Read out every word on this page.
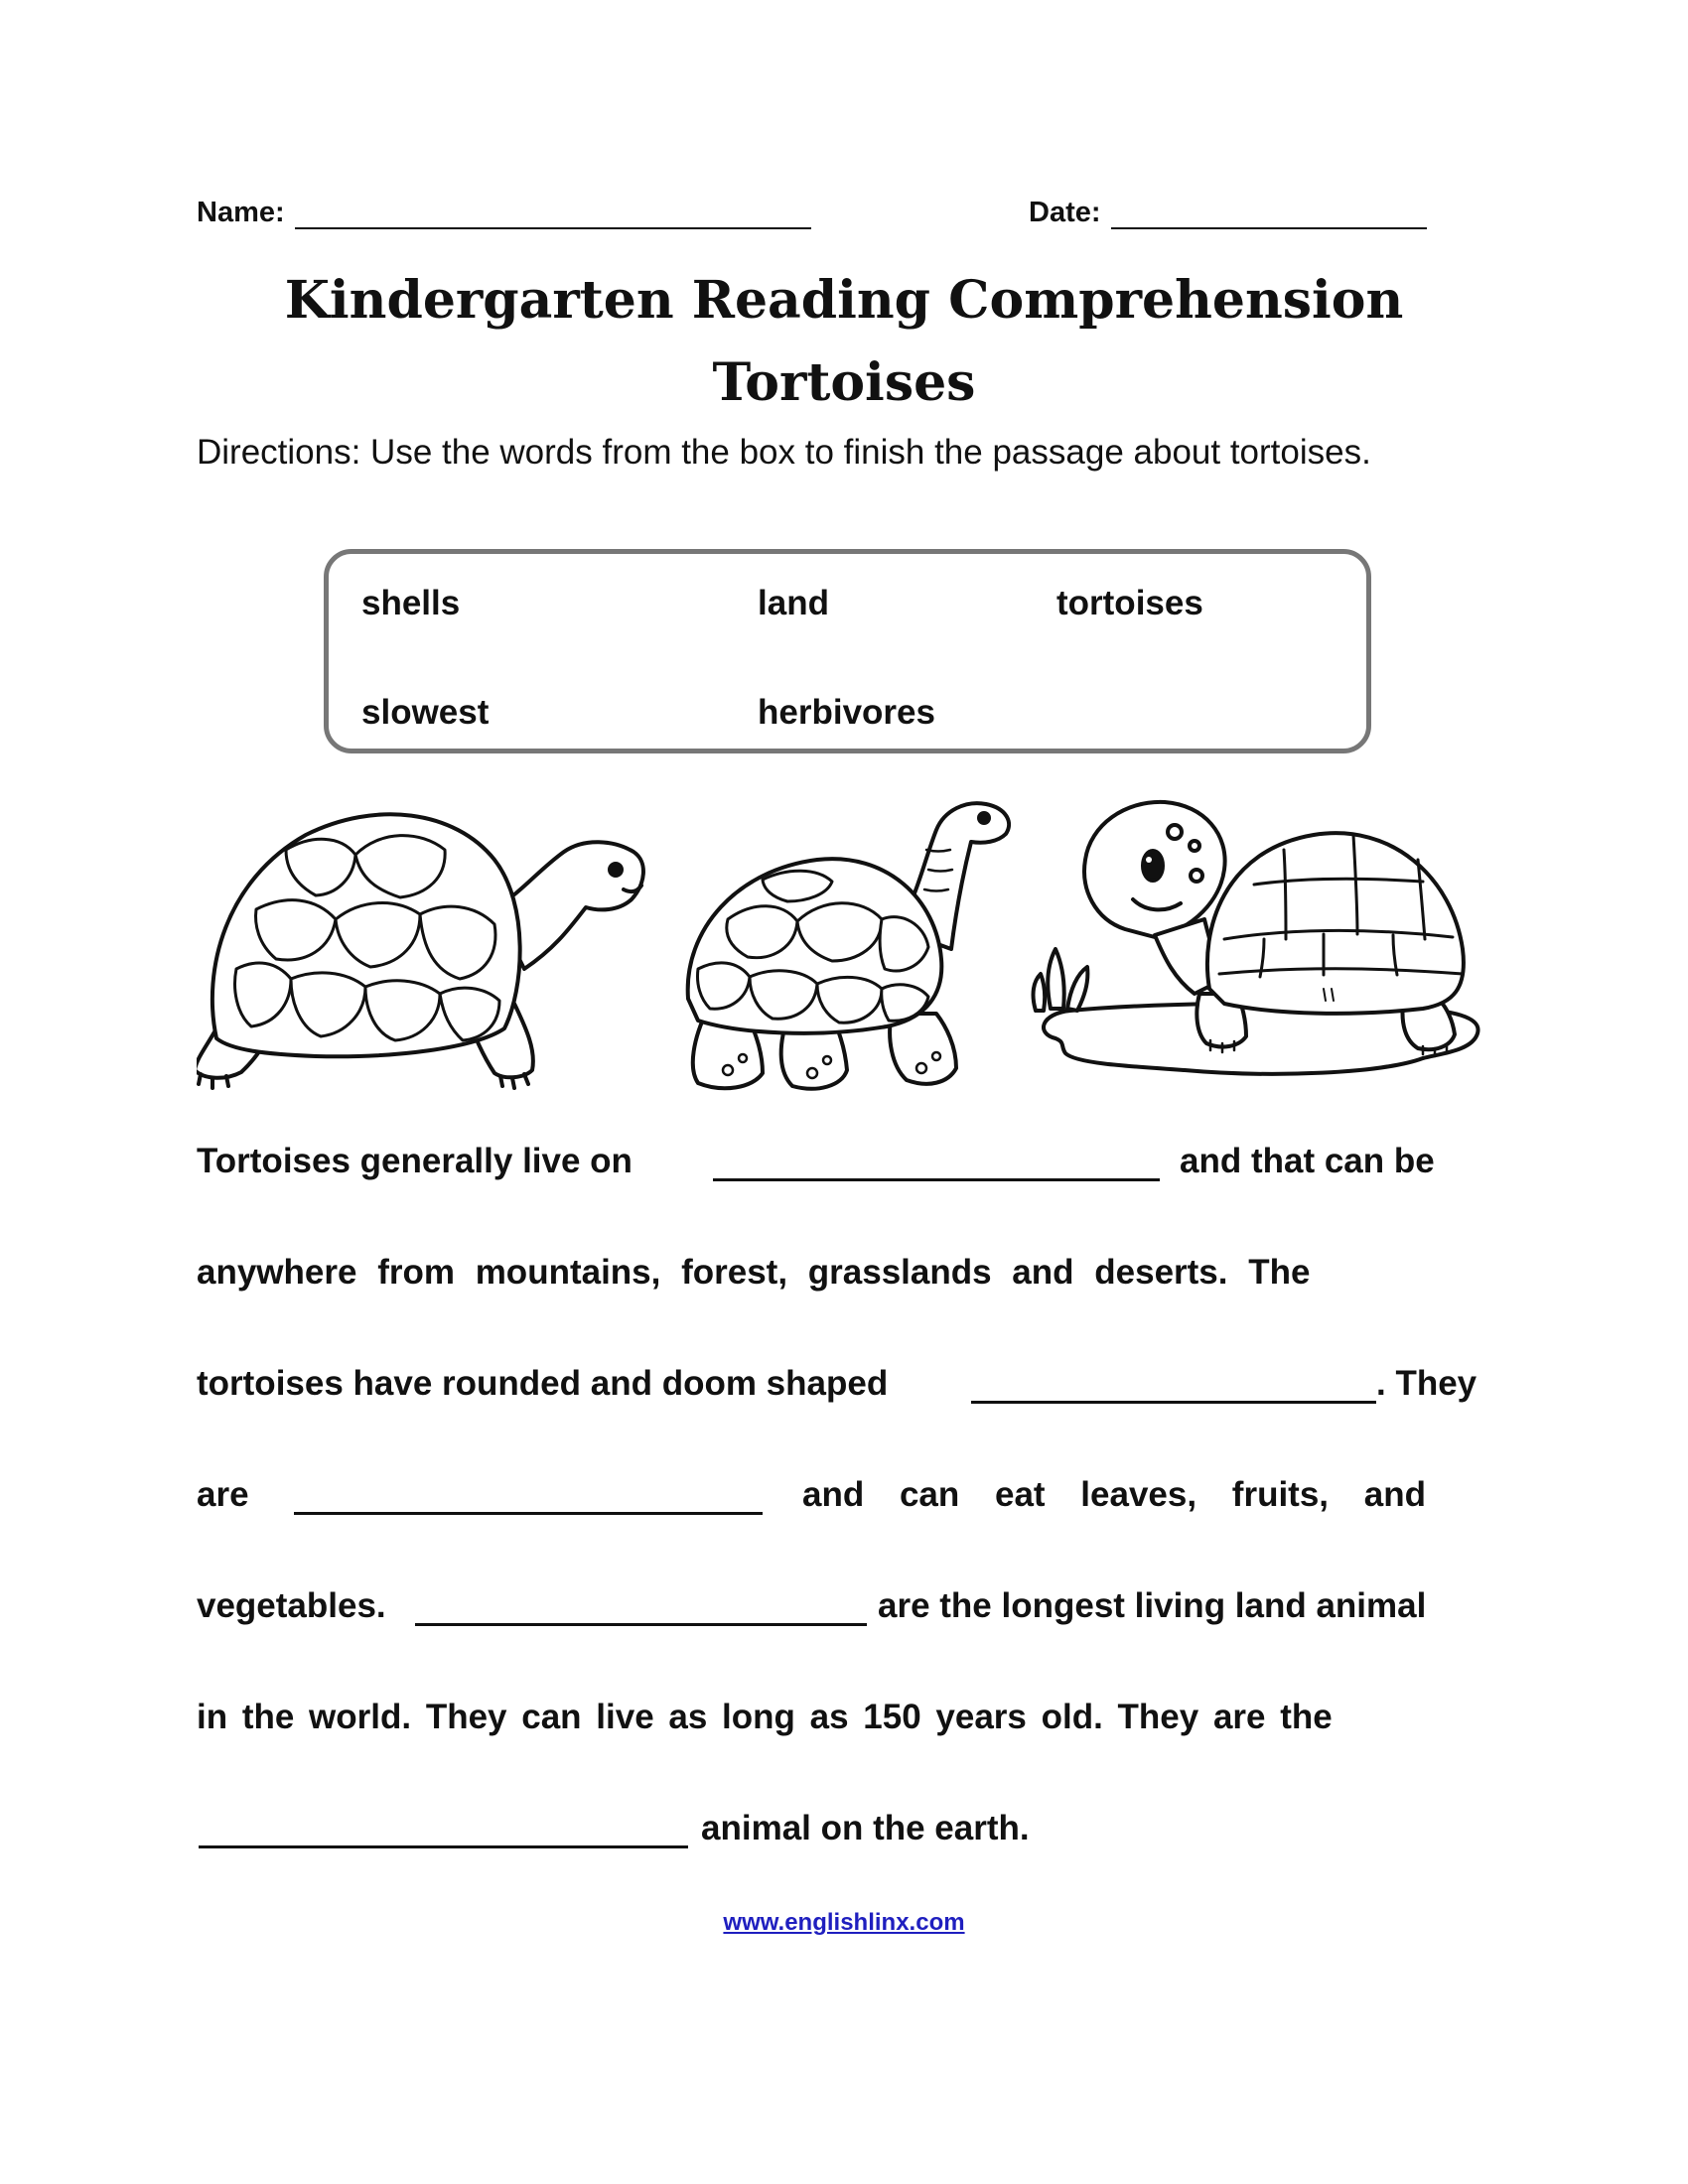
Name:	Date:
Kindergarten Reading Comprehension
Tortoises
Directions: Use the words from the box to finish the passage about tortoises.
shells	land	tortoises
slowest	herbivores
Tortoises generally live on	and that can be
anywhere from mountains, forest, grasslands and deserts. The
tortoises have rounded and doom shaped	. They
are	and can eat leaves, fruits, and
vegetables.	are the longest living land animal
in the world. They can live as long as 150 years old. They are the
animal on the earth.
www.englishlinx.com
